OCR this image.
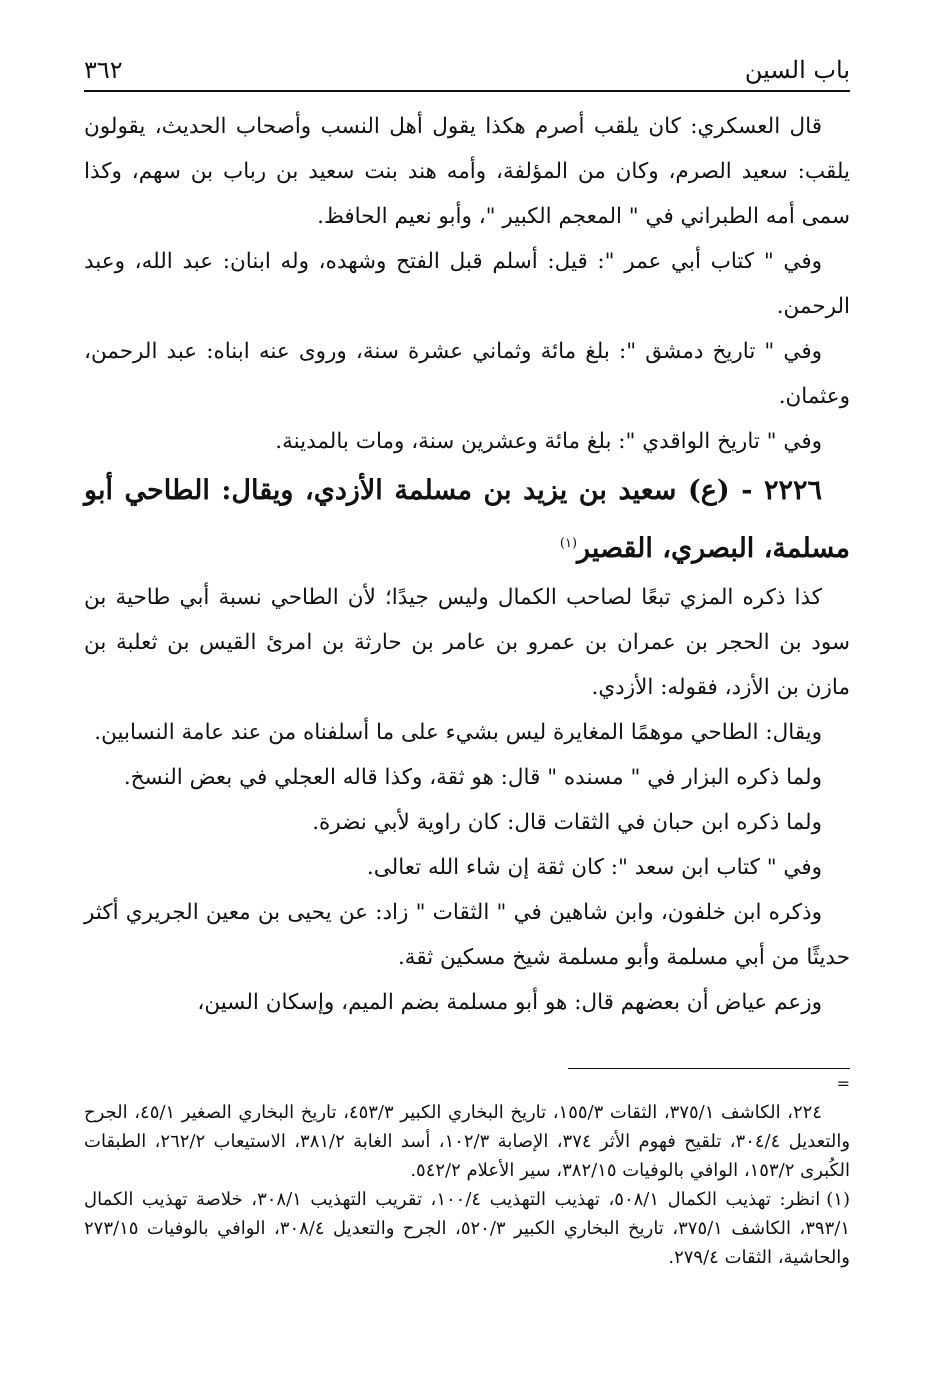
باب السين
٣٦٢

قال العسكري: كان يلقب أصرم هكذا يقول أهل النسب وأصحاب الحديث، يقولون يلقب: سعيد الصرم، وكان من المؤلفة، وأمه هند بنت سعيد بن رباب بن سهم، وكذا سمى أمه الطبراني في " المعجم الكبير "، وأبو نعيم الحافظ.

وفي " كتاب أبي عمر ": قيل: أسلم قبل الفتح وشهده، وله ابنان: عبد الله، وعبد الرحمن.

وفي " تاريخ دمشق ": بلغ مائة وثماني عشرة سنة، وروى عنه ابناه: عبد الرحمن، وعثمان.

وفي " تاريخ الواقدي ": بلغ مائة وعشرين سنة، ومات بالمدينة.

٢٢٢٦ - (ع) سعيد بن يزيد بن مسلمة الأزدي، ويقال: الطاحي أبو مسلمة، البصري، القصير$^{(١)}$

كذا ذكره المزي تبعًا لصاحب الكمال وليس جيدًا؛ لأن الطاحي نسبة أبي طاحية بن سود بن الحجر بن عمران بن عمرو بن عامر بن حارثة بن امرئ القيس بن ثعلبة بن مازن بن الأزد، فقوله: الأزدي.

ويقال: الطاحي موهمًا المغايرة ليس بشيء على ما أسلفناه من عند عامة النسابين.

ولما ذكره البزار في " مسنده " قال: هو ثقة، وكذا قاله العجلي في بعض النسخ.

ولما ذكره ابن حبان في الثقات قال: كان راوية لأبي نضرة.

وفي " كتاب ابن سعد ": كان ثقة إن شاء الله تعالى.

وذكره ابن خلفون، وابن شاهين في " الثقات " زاد: عن يحيى بن معين الجريري أكثر حديثًا من أبي مسلمة وأبو مسلمة شيخ مسكين ثقة.

وزعم عياض أن بعضهم قال: هو أبو مسلمة بضم الميم، وإسكان السين،

=

٢٢٤، الكاشف ٣٧٥/١، الثقات ١٥٥/٣، تاريخ البخاري الكبير ٤٥٣/٣، تاريخ البخاري الصغير ٤٥/١، الجرح والتعديل ٣٠٤/٤، تلقيح فهوم الأثر ٣٧٤، الإصابة ١٠٢/٣، أسد الغابة ٣٨١/٢، الاستيعاب ٢٦٢/٢، الطبقات الكُبرى ١٥٣/٢، الوافي بالوفيات ٣٨٢/١٥، سير الأعلام ٥٤٢/٢.

(١)انظر: تهذيب الكمال ٥٠٨/١، تهذيب التهذيب ١٠٠/٤، تقريب التهذيب ٣٠٨/١، خلاصة تهذيب الكمال ٣٩٣/١، الكاشف ٣٧٥/١، تاريخ البخاري الكبير ٥٢٠/٣، الجرح والتعديل ٣٠٨/٤، الوافي بالوفيات ٢٧٣/١٥ والحاشية، الثقات ٢٧٩/٤.
